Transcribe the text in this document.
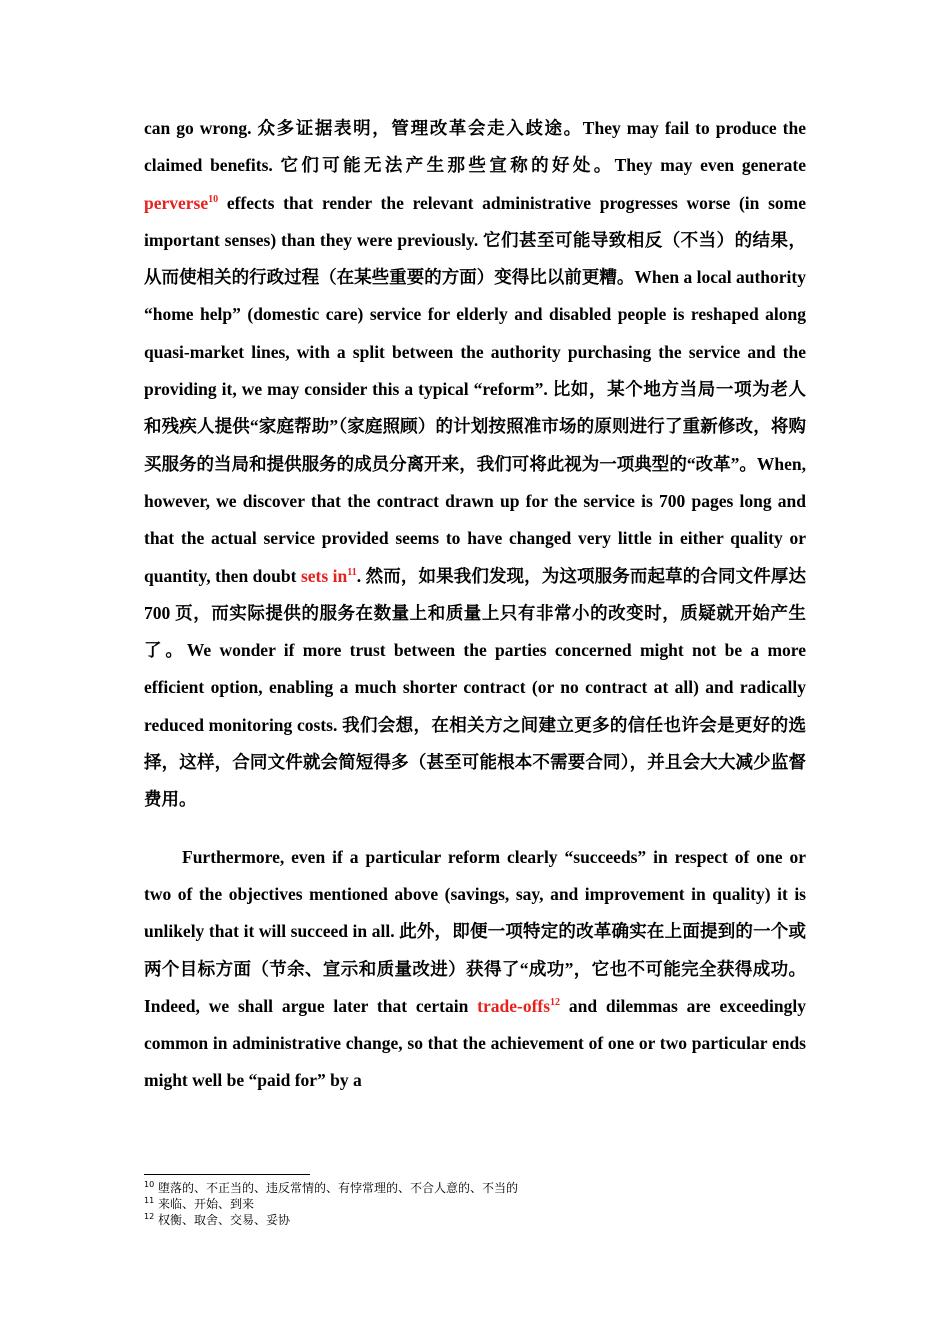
can go wrong. 众多证据表明，管理改革会走入歧途。They may fail to produce the claimed benefits. 它们可能无法产生那些宣称的好处。They may even generate perverse$^{10}$ effects that render the relevant administrative progresses worse (in some important senses) than they were previously. 它们甚至可能导致相反（不当）的结果，从而使相关的行政过程（在某些重要的方面）变得比以前更糟。When a local authority “home help” (domestic care) service for elderly and disabled people is reshaped along quasi-market lines, with a split between the authority purchasing the service and the providing it, we may consider this a typical “reform”. 比如，某个地方当局一项为老人和残疾人提供“家庭帮助”（家庭照顾）的计划按照准市场的原则进行了重新修改，将购买服务的当局和提供服务的成员分离开来，我们可将此视为一项典型的“改革”。When, however, we discover that the contract drawn up for the service is 700 pages long and that the actual service provided seems to have changed very little in either quality or quantity, then doubt sets $in^{11}$. 然而，如果我们发现，为这项服务而起草的合同文件厚达 700 页，而实际提供的服务在数量上和质量上只有非常小的改变时，质疑就开始产生了。We wonder if more trust between the parties concerned might not be a more efficient option, enabling a much shorter contract (or no contract at all) and radically reduced monitoring costs. 我们会想，在相关方之间建立更多的信任也许会是更好的选择，这样，合同文件就会简短得多（甚至可能根本不需要合同），并且会大大减少监督费用。

Furthermore, even if a particular reform clearly “succeeds” in respect of one or two of the objectives mentioned above (savings, say, and improvement in quality) it is unlikely that it will succeed in all. 此外，即便一项特定的改革确实在上面提到的一个或两个目标方面（节余、宣示和质量改进）获得了“成功”，它也不可能完全获得成功。Indeed, we shall argue later that certain trade-offs$^{12}$ and dilemmas are exceedingly common in administrative change, so that the achievement of one or two particular ends might well be “paid for” by a

$^{10}$ 堕落的、不正当的、违反常情的、有悖常理的、不合人意的、不当的
$^{11}$ 来临、开始、到来
$^{12}$ 权衡、取舍、交易、妥协
